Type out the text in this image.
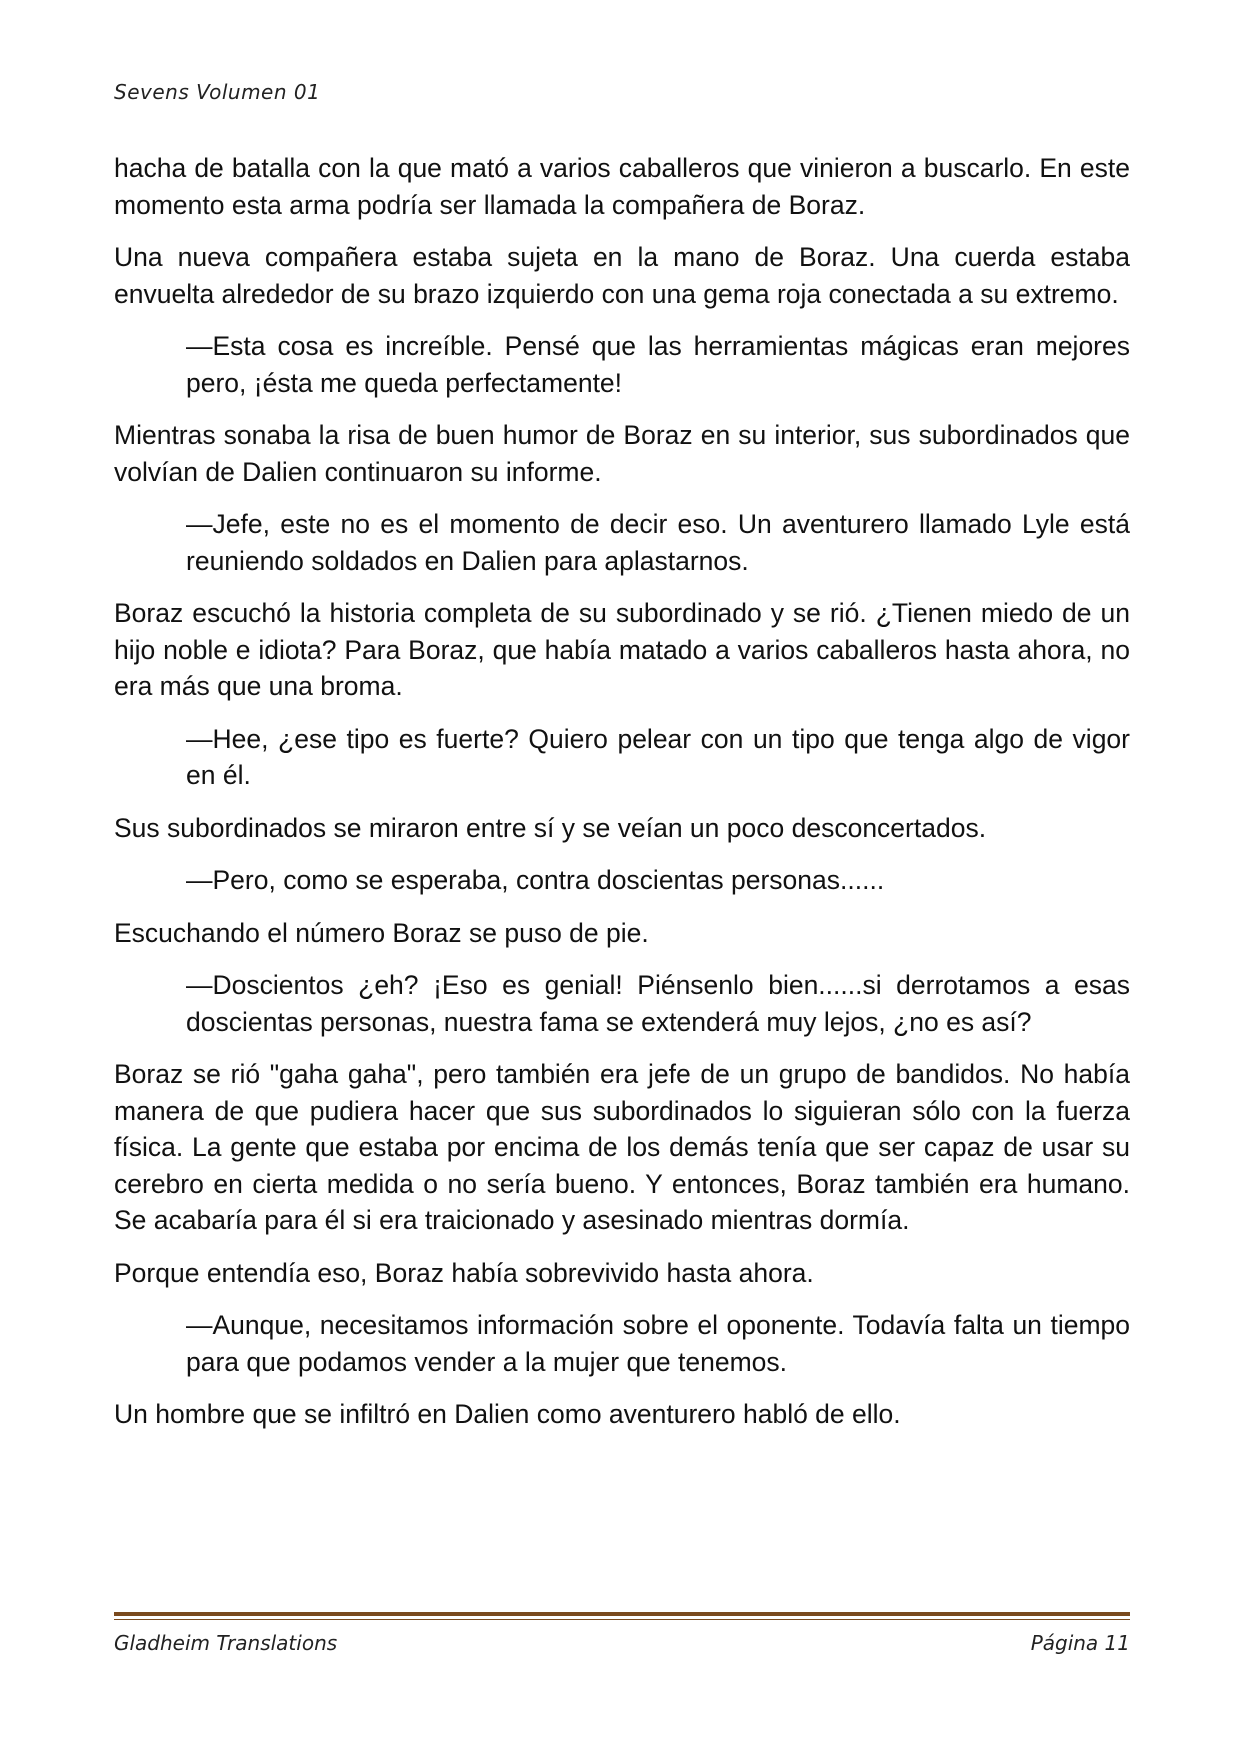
Sevens Volumen 01

hacha de batalla con la que mató a varios caballeros que vinieron a buscarlo. En este momento esta arma podría ser llamada la compañera de Boraz.

Una nueva compañera estaba sujeta en la mano de Boraz. Una cuerda estaba envuelta alrededor de su brazo izquierdo con una gema roja conectada a su extremo.

—Esta cosa es increíble. Pensé que las herramientas mágicas eran mejores pero, ¡ésta me queda perfectamente!

Mientras sonaba la risa de buen humor de Boraz en su interior, sus subordinados que volvían de Dalien continuaron su informe.

—Jefe, este no es el momento de decir eso. Un aventurero llamado Lyle está reuniendo soldados en Dalien para aplastarnos.

Boraz escuchó la historia completa de su subordinado y se rió. ¿Tienen miedo de un hijo noble e idiota? Para Boraz, que había matado a varios caballeros hasta ahora, no era más que una broma.

—Hee, ¿ese tipo es fuerte? Quiero pelear con un tipo que tenga algo de vigor en él.

Sus subordinados se miraron entre sí y se veían un poco desconcertados.

—Pero, como se esperaba, contra doscientas personas......

Escuchando el número Boraz se puso de pie.

—Doscientos ¿eh? ¡Eso es genial! Piénsenlo bien......si derrotamos a esas doscientas personas, nuestra fama se extenderá muy lejos, ¿no es así?

Boraz se rió "gaha gaha", pero también era jefe de un grupo de bandidos. No había manera de que pudiera hacer que sus subordinados lo siguieran sólo con la fuerza física. La gente que estaba por encima de los demás tenía que ser capaz de usar su cerebro en cierta medida o no sería bueno. Y entonces, Boraz también era humano. Se acabaría para él si era traicionado y asesinado mientras dormía.

Porque entendía eso, Boraz había sobrevivido hasta ahora.

—Aunque, necesitamos información sobre el oponente. Todavía falta un tiempo para que podamos vender a la mujer que tenemos.

Un hombre que se infiltró en Dalien como aventurero habló de ello.

Gladheim Translations	Página 11
